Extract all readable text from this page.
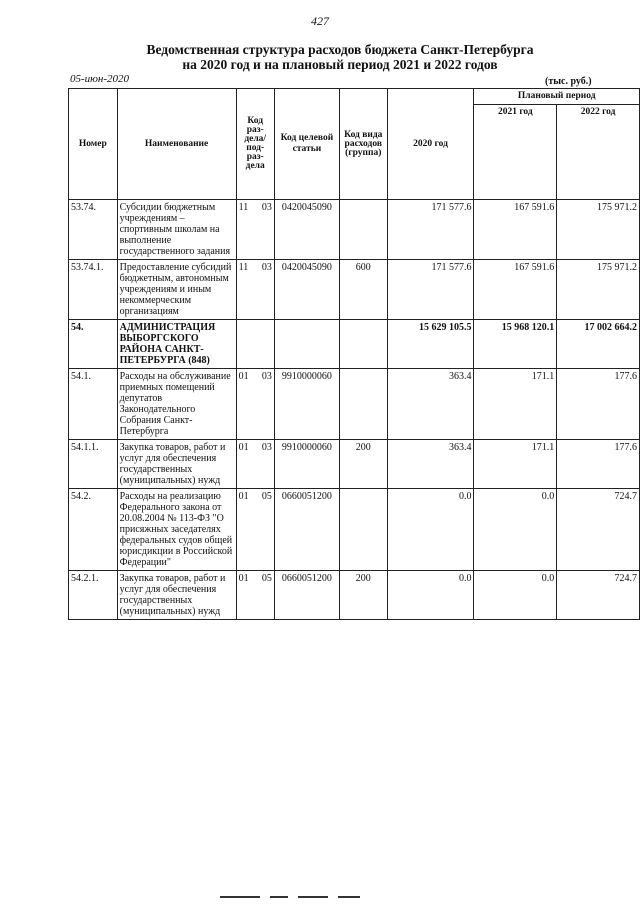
427
Ведомственная структура расходов бюджета Санкт-Петербурга
на 2020 год и на плановый период 2021 и 2022 годов
05-июн-2020	(тыс. руб.)
Номер	Наименование	Код раз-дела/ под-раз-дела	Код целевой статьи	Код вида расходов (группа)	2020 год	Плановый период	
						2021 год	2022 год
53.74.	Субсидии бюджетным учреждениям – спортивным школам на выполнение государственного задания	11 03	0420045090		171 577.6	167 591.6	175 971.2
53.74.1.	Предоставление субсидий бюджетным, автономным учреждениям и иным некоммерческим организациям	11 03	0420045090	600	171 577.6	167 591.6	175 971.2
54.	АДМИНИСТРАЦИЯ ВЫБОРГСКОГО РАЙОНА САНКТ-ПЕТЕРБУРГА (848)				15 629 105.5	15 968 120.1	17 002 664.2
54.1.	Расходы на обслуживание приемных помещений депутатов Законодательного Собрания Санкт-Петербурга	01 03	9910000060		363.4	171.1	177.6
54.1.1.	Закупка товаров, работ и услуг для обеспечения государственных (муниципальных) нужд	01 03	9910000060	200	363.4	171.1	177.6
54.2.	Расходы на реализацию Федерального закона от 20.08.2004 № 113-ФЗ "О присяжных заседателях федеральных судов общей юрисдикции в Российской Федерации"	01 05	0660051200		0.0	0.0	724.7
54.2.1.	Закупка товаров, работ и услуг для обеспечения государственных (муниципальных) нужд	01 05	0660051200	200	0.0	0.0	724.7
